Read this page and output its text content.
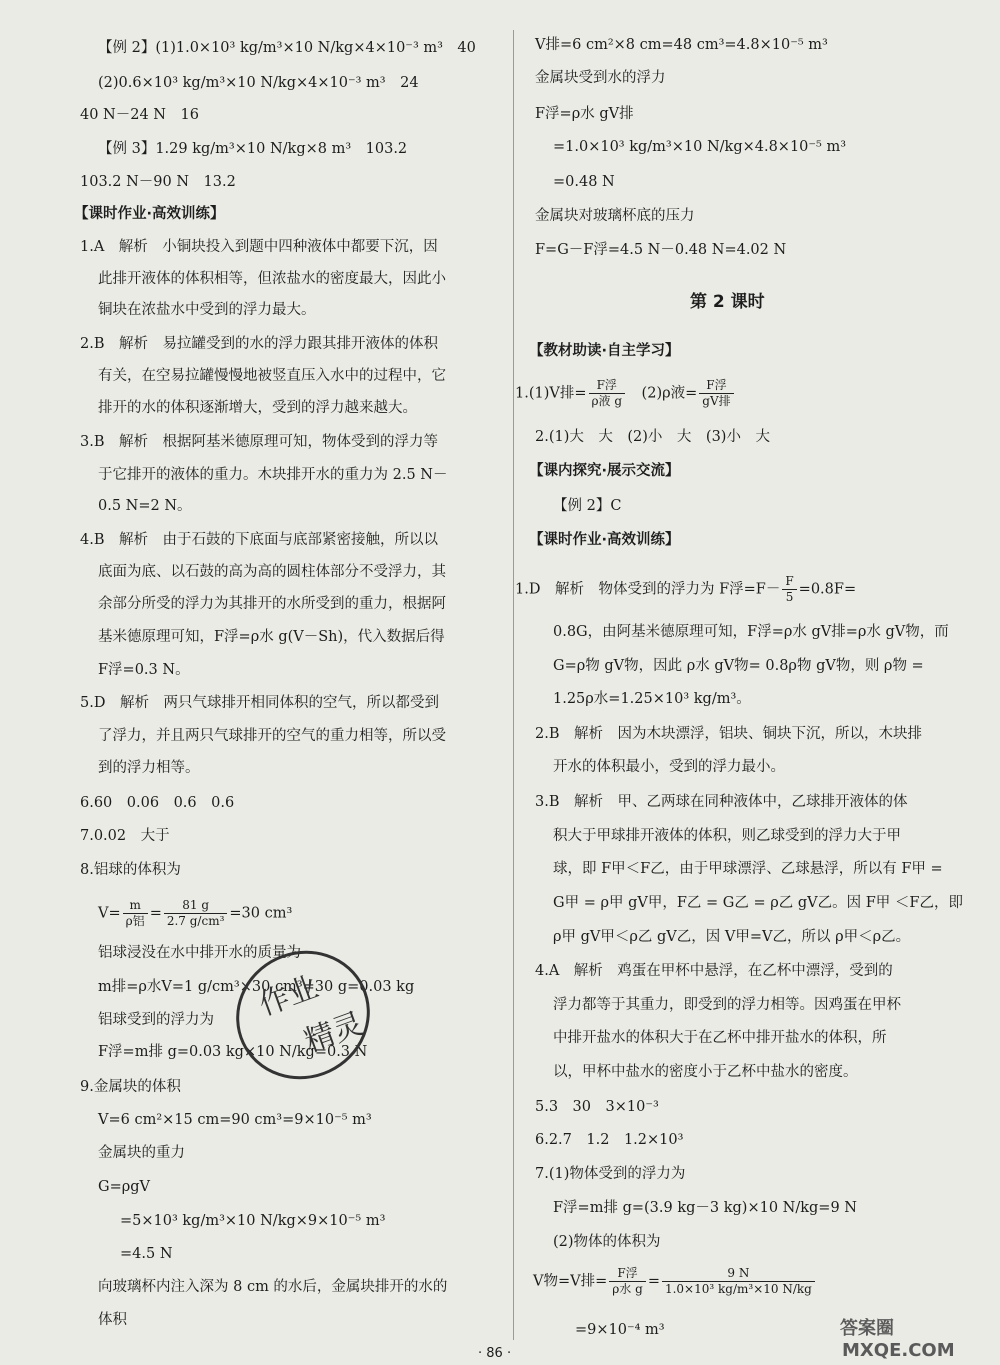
【例 2】(1)1.0×10³ kg/m³×10 N/kg×4×10⁻³ m³　40
(2)0.6×10³ kg/m³×10 N/kg×4×10⁻³ m³　24
40 N－24 N　16
【例 3】1.29 kg/m³×10 N/kg×8 m³　103.2
103.2 N－90 N　13.2
【课时作业·高效训练】
1.A　解析　小铜块投入到题中四种液体中都要下沉，因
此排开液体的体积相等，但浓盐水的密度最大，因此小
铜块在浓盐水中受到的浮力最大。
2.B　解析　易拉罐受到的水的浮力跟其排开液体的体积
有关，在空易拉罐慢慢地被竖直压入水中的过程中，它
排开的水的体积逐渐增大，受到的浮力越来越大。
3.B　解析　根据阿基米德原理可知，物体受到的浮力等
于它排开的液体的重力。木块排开水的重力为 2.5 N－
0.5 N=2 N。
4.B　解析　由于石鼓的下底面与底部紧密接触，所以以
底面为底、以石鼓的高为高的圆柱体部分不受浮力，其
余部分所受的浮力为其排开的水所受到的重力，根据阿
基米德原理可知，F浮=ρ水 g(V－Sh)，代入数据后得
F浮=0.3 N。
5.D　解析　两只气球排开相同体积的空气，所以都受到
了浮力，并且两只气球排开的空气的重力相等，所以受
到的浮力相等。
6.60　0.06　0.6　0.6
7.0.02　大于
8.铝球的体积为
铝球浸没在水中排开水的质量为
m排=ρ水V=1 g/cm³×30 cm³=30 g=0.03 kg
铝球受到的浮力为
F浮=m排 g=0.03 kg×10 N/kg=0.3 N
9.金属块的体积
V=6 cm²×15 cm=90 cm³=9×10⁻⁵ m³
金属块的重力
G=ρgV
=5×10³ kg/m³×10 N/kg×9×10⁻⁵ m³
=4.5 N
向玻璃杯内注入深为 8 cm 的水后，金属块排开的水的
体积
$V= \frac{m}{\text{ρ铝}} = \frac{81 g}{\text{2.7 g/cm³}} =30$ cm³
V排=6 cm²×8 cm=48 cm³=4.8×10⁻⁵ m³
金属块受到水的浮力
F浮=ρ水 gV排
=1.0×10³ kg/m³×10 N/kg×4.8×10⁻⁵ m³
=0.48 N
金属块对玻璃杯底的压力
F=G－F浮=4.5 N－0.48 N=4.02 N
第 2 课时
【教材助读·自主学习】
2.(1)大　大　(2)小　大　(3)小　大
【课内探究·展示交流】
【例 2】C
【课时作业·高效训练】
0.8G，由阿基米德原理可知，F浮=ρ水 gV排=ρ水 gV物，而
G=ρ物 gV物，因此 ρ水 gV物= 0.8ρ物 gV物，则 ρ物 =
1.25ρ水=1.25×10³ kg/m³。
2.B　解析　因为木块漂浮，铝块、铜块下沉，所以，木块排
开水的体积最小，受到的浮力最小。
3.B　解析　甲、乙两球在同种液体中，乙球排开液体的体
积大于甲球排开液体的体积，则乙球受到的浮力大于甲
球，即 F甲＜F乙，由于甲球漂浮、乙球悬浮，所以有 F甲 =
G甲 = ρ甲 gV甲，F乙 = G乙 = ρ乙 gV乙。因 F甲 ＜F乙，即
ρ甲 gV甲＜ρ乙 gV乙，因 V甲=V乙，所以 ρ甲＜ρ乙。
4.A　解析　鸡蛋在甲杯中悬浮，在乙杯中漂浮，受到的
浮力都等于其重力，即受到的浮力相等。因鸡蛋在甲杯
中排开盐水的体积大于在乙杯中排开盐水的体积，所
以，甲杯中盐水的密度小于乙杯中盐水的密度。
5.3　30　3×10⁻³
6.2.7　1.2　1.2×10³
7.(1)物体受到的浮力为
F浮=m排 g=(3.9 kg－3 kg)×10 N/kg=9 N
(2)物体的体积为
=9×10⁻⁴ m³
1.(1)V排= $\frac{\text{F浮}}{\text{ρ液 g}}$ 　(2)ρ液= $\frac{\text{F浮}}{\text{gV排}}$
1.D　解析　物体受到的浮力为 F浮$=F- \frac{F}{5} =0.8F=$
V物=V排= $\frac{\text{F浮}}{\text{ρ水 g}} = \frac{9 N}{\text{1.0×10³ kg/m³×10 N/kg}}$
· 86 ·
作业
精灵
答案圈
MXQE.COM
